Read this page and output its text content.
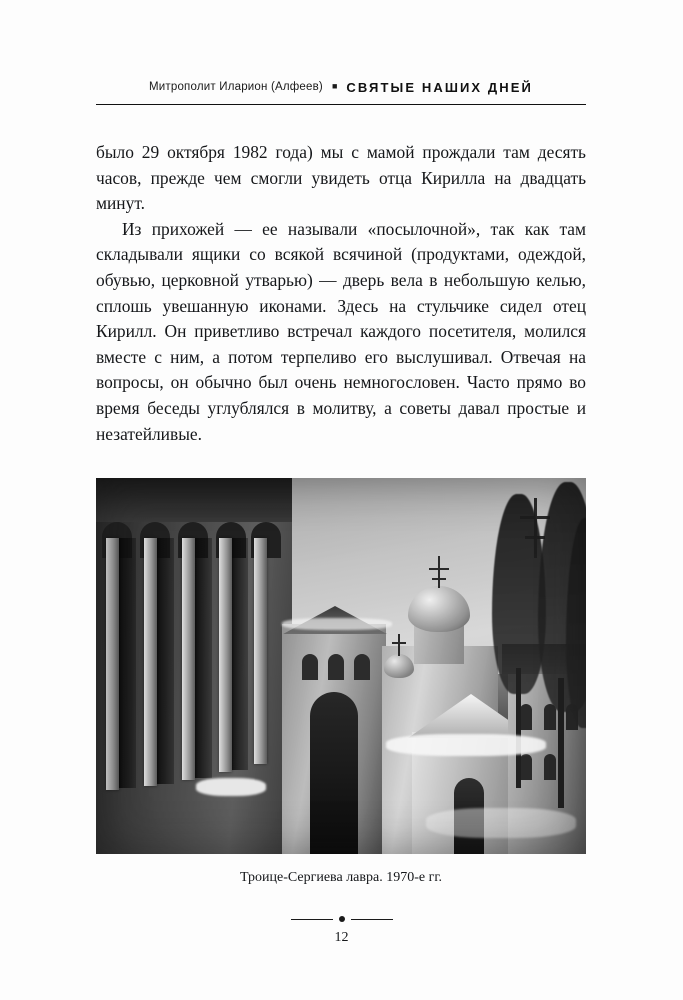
Митрополит Иларион (Алфеев) ■ СВЯТЫЕ НАШИХ ДНЕЙ

было 29 октября 1982 года) мы с мамой прождали там десять часов, прежде чем смогли увидеть отца Кирилла на двадцать минут.

Из прихожей — ее называли «посылочной», так как там складывали ящики со всякой всячиной (продуктами, одеждой, обувью, церковной утварью) — дверь вела в небольшую келью, сплошь увешанную иконами. Здесь на стульчике сидел отец Кирилл. Он приветливо встречал каждого посетителя, молился вместе с ним, а потом терпеливо его выслушивал. Отвечая на вопросы, он обычно был очень немногословен. Часто прямо во время беседы углублялся в молитву, а советы давал простые и незатейливые.

Троице-Сергиева лавра. 1970-е гг.
12
